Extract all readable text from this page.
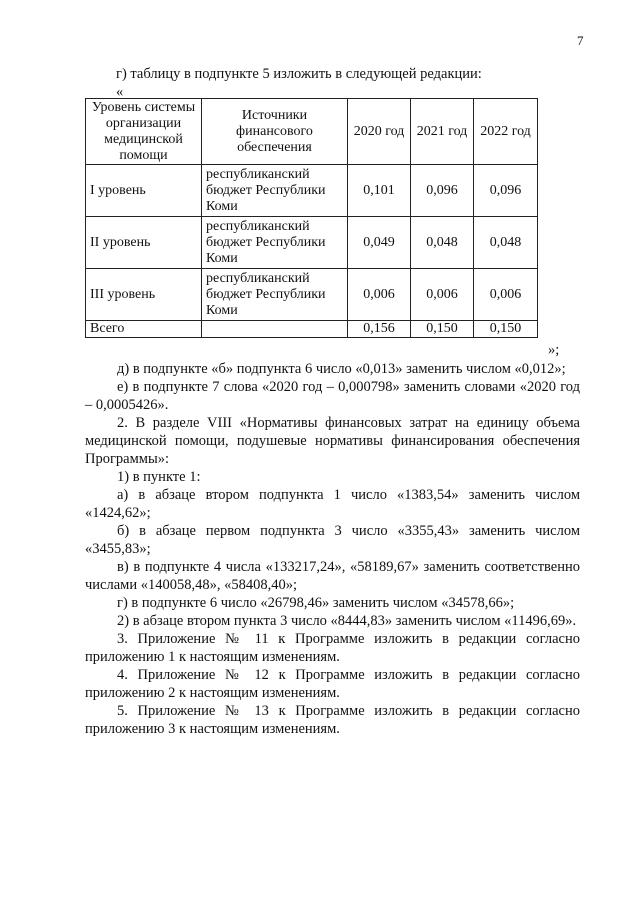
7
г) таблицу в подпункте 5 изложить в следующей редакции:
«
Уровень системы организации медицинской помощи	Источники финансового обеспечения	2020 год	2021 год	2022 год
I уровень	республиканский бюджет Республики Коми	0,101	0,096	0,096
II уровень	республиканский бюджет Республики Коми	0,049	0,048	0,048
III уровень	республиканский бюджет Республики Коми	0,006	0,006	0,006
Всего		0,156	0,150	0,150
»;

д) в подпункте «б» подпункта 6 число «0,013» заменить числом «0,012»;

е) в подпункте 7 слова «2020 год – 0,000798» заменить словами «2020 год – 0,0005426».

2. В разделе VIII «Нормативы финансовых затрат на единицу объема медицинской помощи, подушевые нормативы финансирования обеспечения Программы»:

1) в пункте 1:

а) в абзаце втором подпункта 1 число «1383,54» заменить числом «1424,62»;

б) в абзаце первом подпункта 3 число «3355,43» заменить числом «3455,83»;

в) в подпункте 4 числа «133217,24», «58189,67» заменить соответственно числами «140058,48», «58408,40»;

г) в подпункте 6 число «26798,46» заменить числом «34578,66»;

2) в абзаце втором пункта 3 число «8444,83» заменить числом «11496,69».

3. Приложение № 11 к Программе изложить в редакции согласно приложению 1 к настоящим изменениям.

4. Приложение № 12 к Программе изложить в редакции согласно приложению 2 к настоящим изменениям.

5. Приложение № 13 к Программе изложить в редакции согласно приложению 3 к настоящим изменениям.
